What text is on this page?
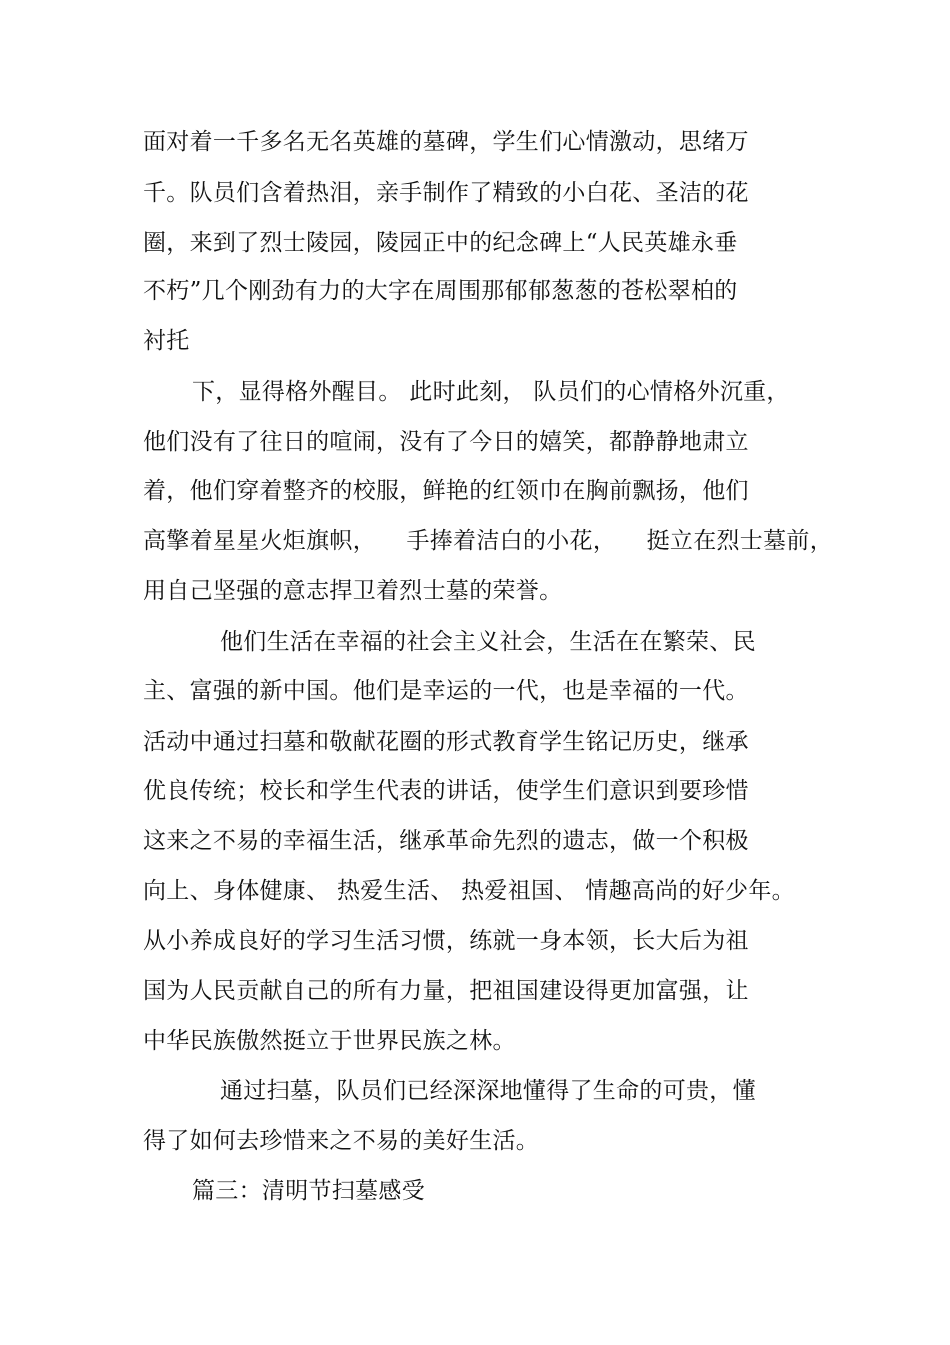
面对着一千多名无名英雄的墓碑，学生们心情激动，思绪万
千。队员们含着热泪，亲手制作了精致的小白花、圣洁的花
圈，来到了烈士陵园，陵园正中的纪念碑上“人民英雄永垂
不朽”几个刚劲有力的大字在周围那郁郁葱葱的苍松翠柏的
衬托
下，显得格外醒目。 此时此刻， 队员们的心情格外沉重，
他们没有了往日的喧闹，没有了今日的嬉笑，都静静地肃立
着，他们穿着整齐的校服，鲜艳的红领巾在胸前飘扬，他们
高擎着星星火炬旗帜，    手捧着洁白的小花，    挺立在烈士墓前，
用自己坚强的意志捍卫着烈士墓的荣誉。
他们生活在幸福的社会主义社会，生活在在繁荣、民
主、富强的新中国。他们是幸运的一代，也是幸福的一代。
活动中通过扫墓和敬献花圈的形式教育学生铭记历史，继承
优良传统；校长和学生代表的讲话，使学生们意识到要珍惜
这来之不易的幸福生活，继承革命先烈的遗志，做一个积极
向上、身体健康、 热爱生活、 热爱祖国、 情趣高尚的好少年。
从小养成良好的学习生活习惯，练就一身本领，长大后为祖
国为人民贡献自己的所有力量，把祖国建设得更加富强，让
中华民族傲然挺立于世界民族之林。
通过扫墓，队员们已经深深地懂得了生命的可贵，懂
得了如何去珍惜来之不易的美好生活。
篇三：清明节扫墓感受
